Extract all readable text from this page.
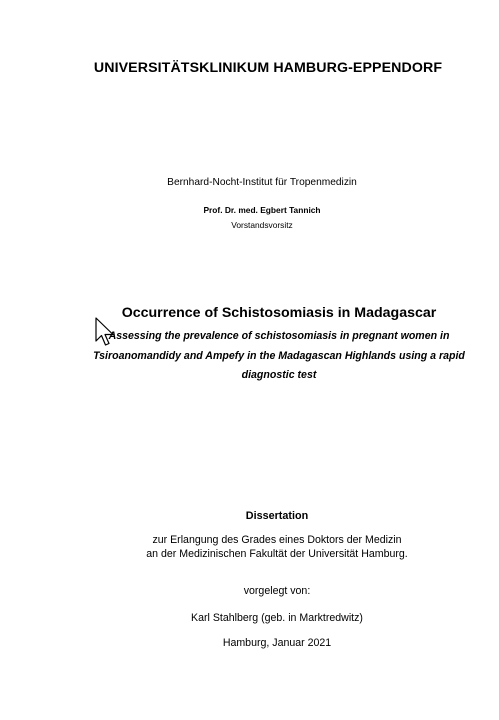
UNIVERSITÄTSKLINIKUM HAMBURG-EPPENDORF
Bernhard-Nocht-Institut für Tropenmedizin
Prof. Dr. med. Egbert Tannich
Vorstandsvorsitz
Occurrence of Schistosomiasis in Madagascar
Assessing the prevalence of schistosomiasis in pregnant women in
Tsiroanomandidy and Ampefy in the Madagascan Highlands using a rapid
diagnostic test
Dissertation
zur Erlangung des Grades eines Doktors der Medizin
an der Medizinischen Fakultät der Universität Hamburg.
vorgelegt von:
Karl Stahlberg (geb. in Marktredwitz)
Hamburg, Januar 2021
